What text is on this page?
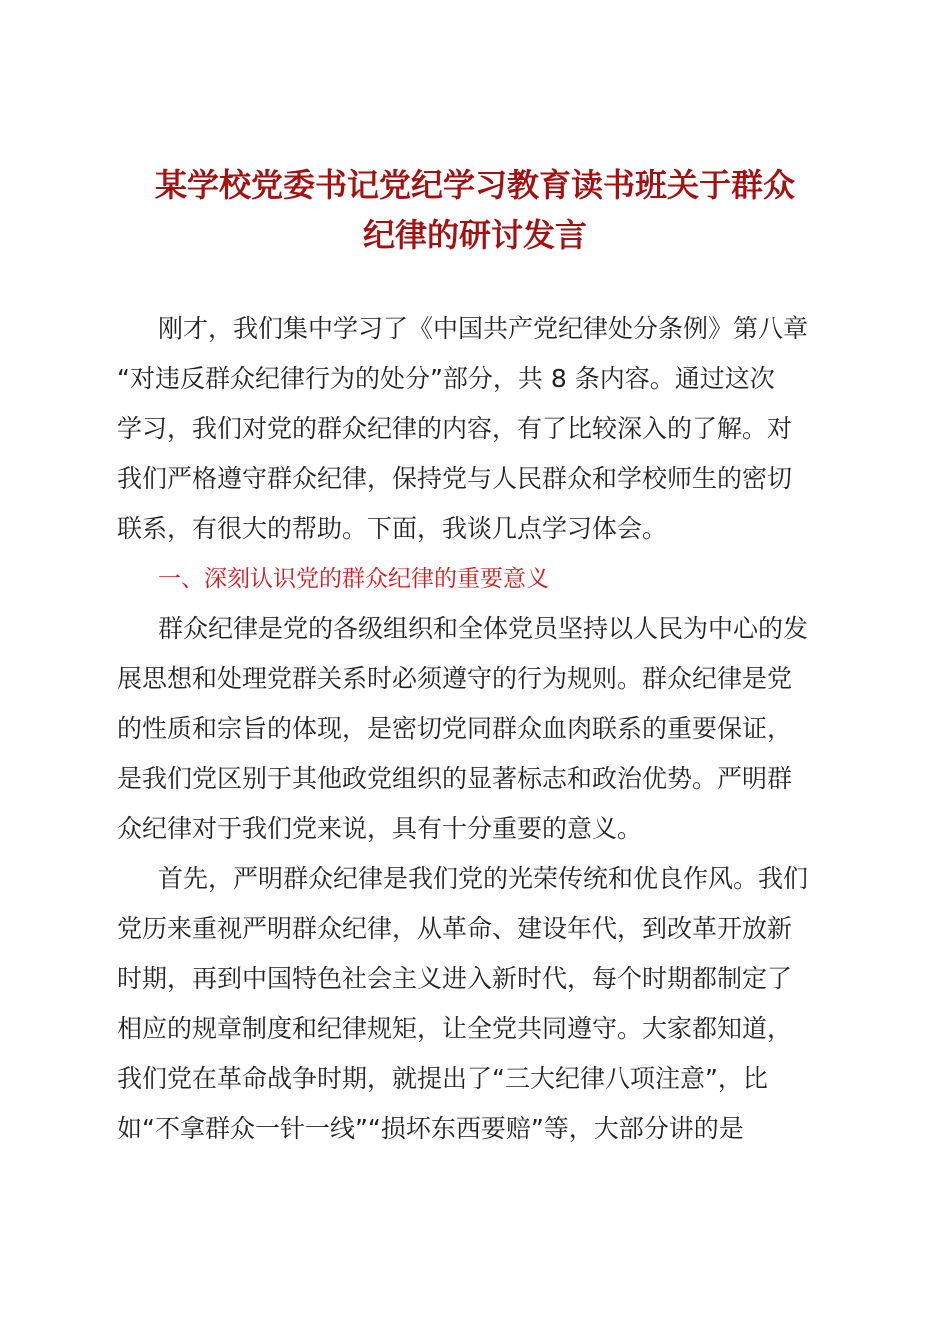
某学校党委书记党纪学习教育读书班关于群众
纪律的研讨发言

刚才，我们集中学习了《中国共产党纪律处分条例》第八章
“对违反群众纪律行为的处分”部分，共 8 条内容。通过这次
学习，我们对党的群众纪律的内容，有了比较深入的了解。对
我们严格遵守群众纪律，保持党与人民群众和学校师生的密切
联系，有很大的帮助。下面，我谈几点学习体会。

一、深刻认识党的群众纪律的重要意义

群众纪律是党的各级组织和全体党员坚持以人民为中心的发
展思想和处理党群关系时必须遵守的行为规则。群众纪律是党
的性质和宗旨的体现，是密切党同群众血肉联系的重要保证，
是我们党区别于其他政党组织的显著标志和政治优势。严明群
众纪律对于我们党来说，具有十分重要的意义。

首先，严明群众纪律是我们党的光荣传统和优良作风。我们
党历来重视严明群众纪律，从革命、建设年代，到改革开放新
时期，再到中国特色社会主义进入新时代，每个时期都制定了
相应的规章制度和纪律规矩，让全党共同遵守。大家都知道，
我们党在革命战争时期，就提出了“三大纪律八项注意”，比
如“不拿群众一针一线”“损坏东西要赔”等，大部分讲的是
